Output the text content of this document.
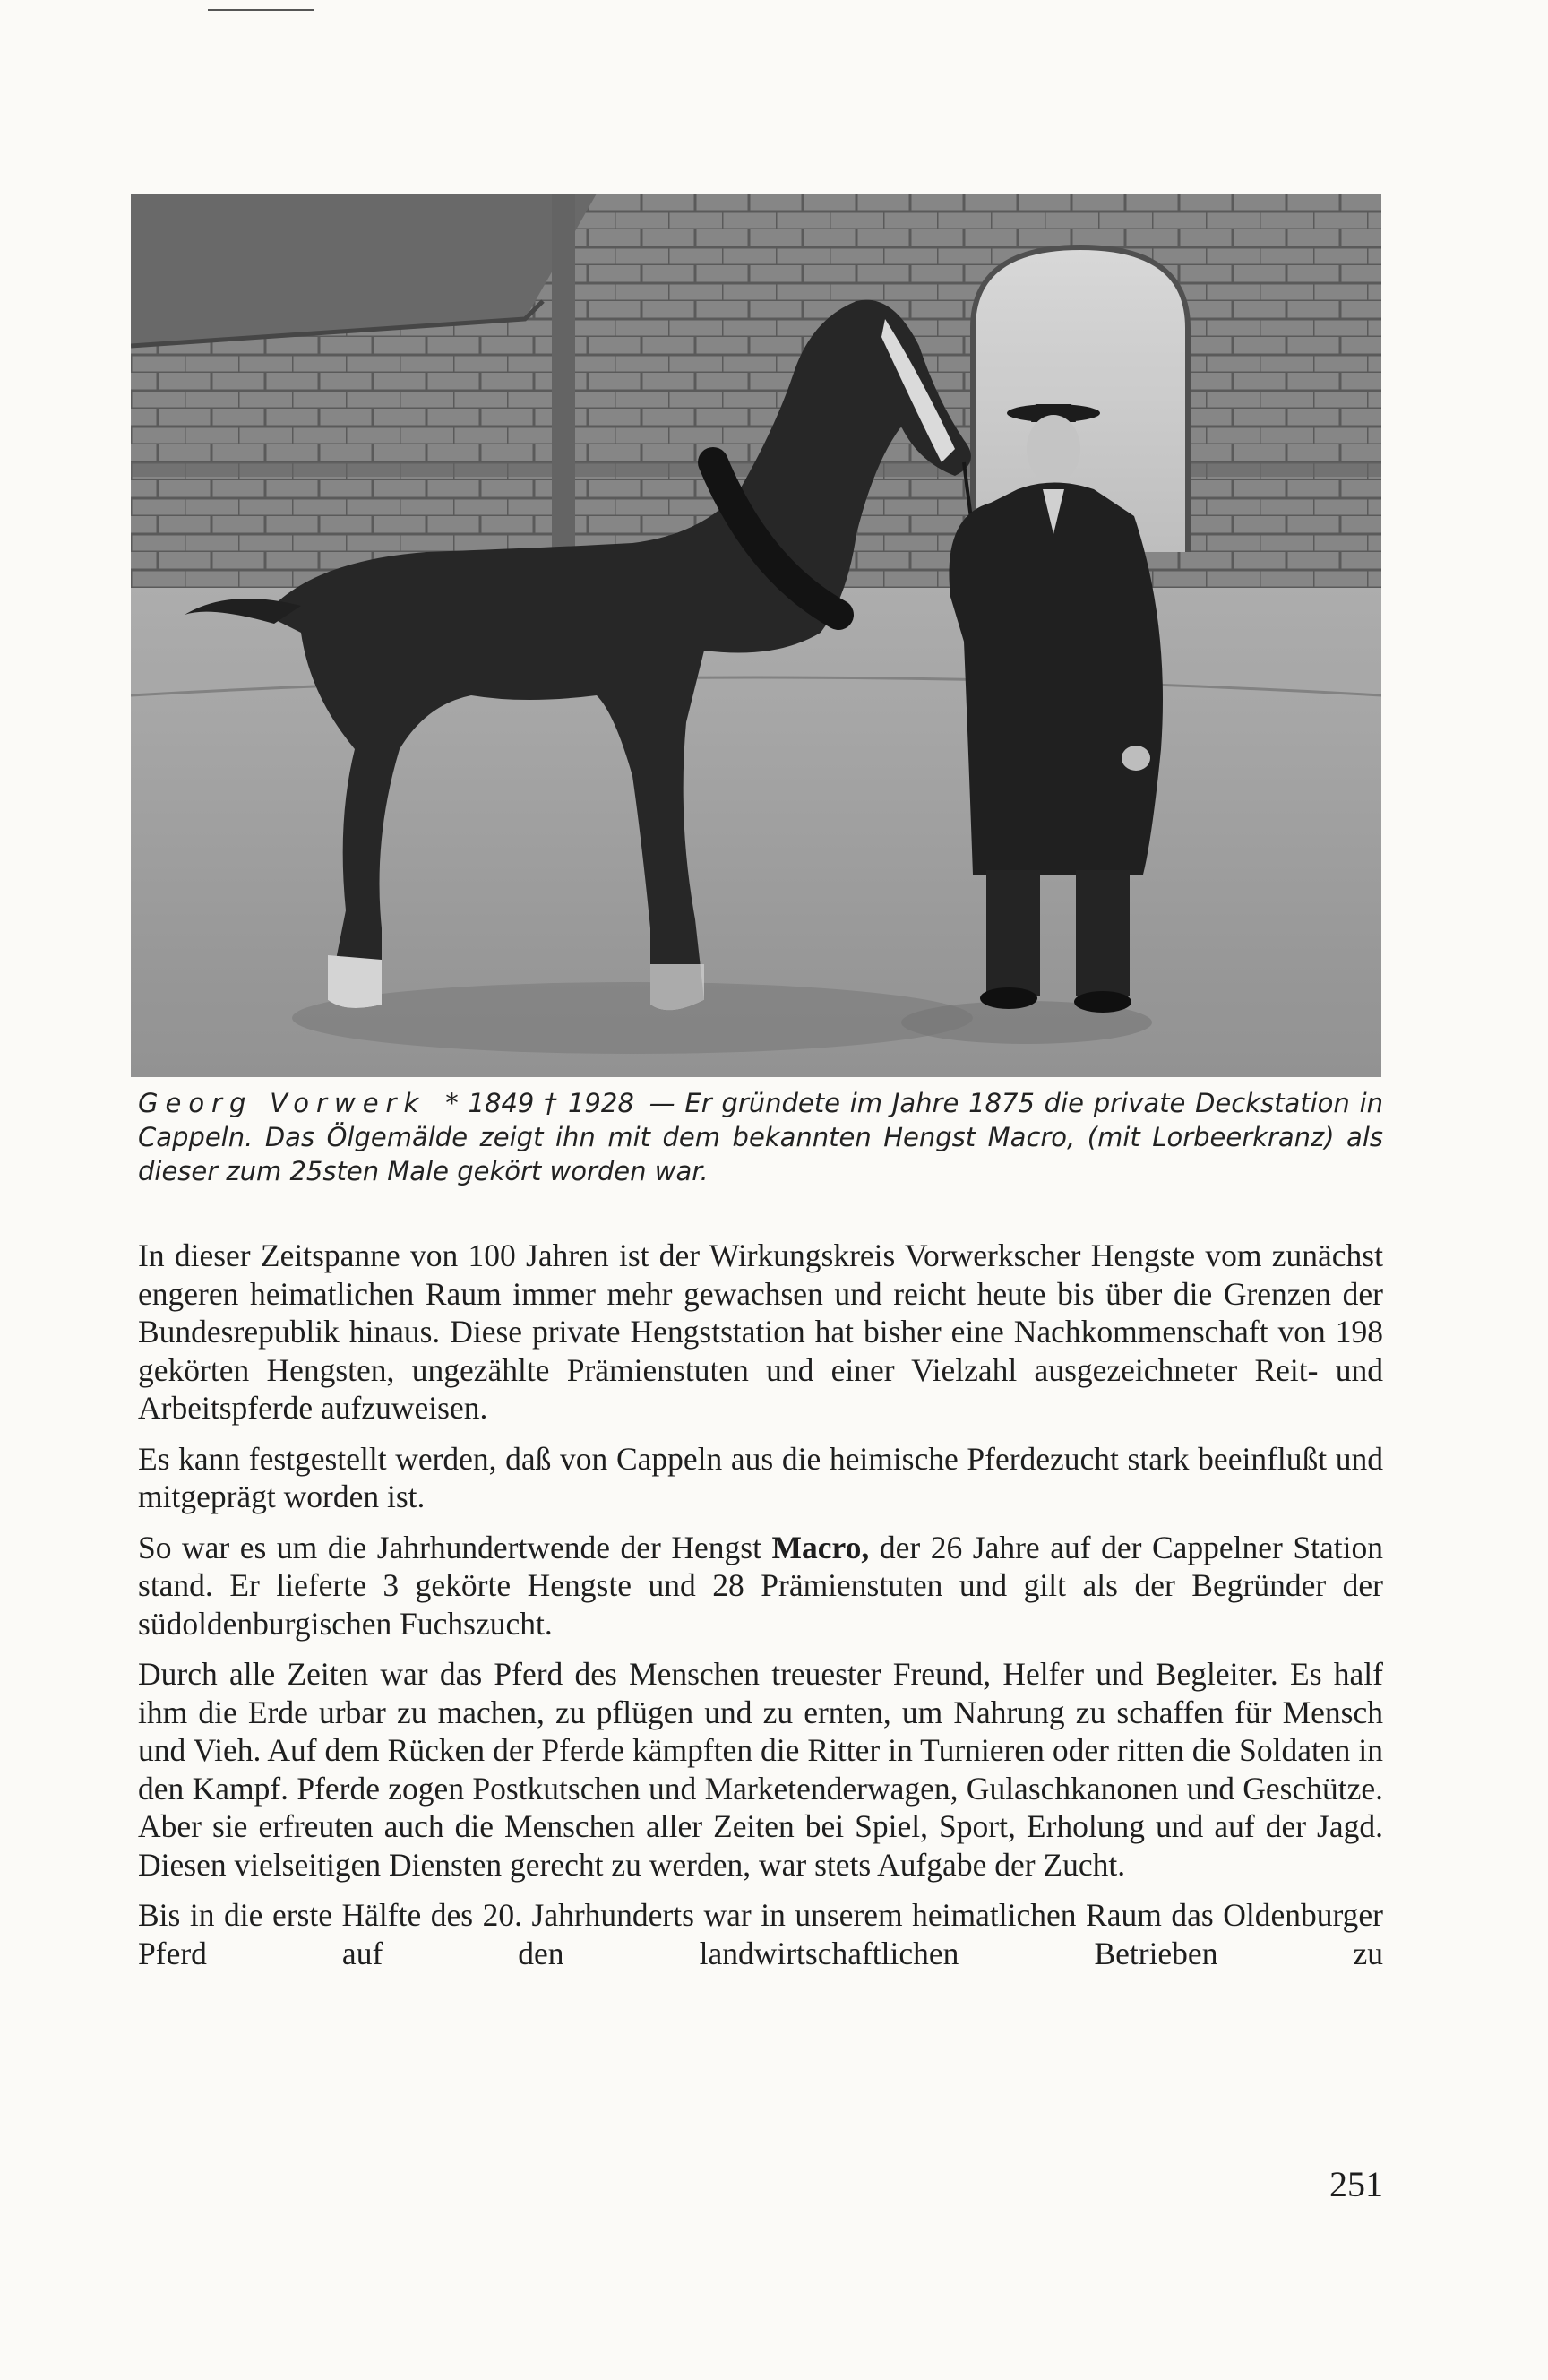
Georg Vorwerk * 1849 † 1928 — Er gründete im Jahre 1875 die private Deckstation in Cappeln. Das Ölgemälde zeigt ihn mit dem bekannten Hengst Macro, (mit Lorbeerkranz) als dieser zum 25sten Male gekört worden war.

In dieser Zeitspanne von 100 Jahren ist der Wirkungskreis Vorwerkscher Hengste vom zunächst engeren heimatlichen Raum immer mehr gewachsen und reicht heute bis über die Grenzen der Bundesrepublik hinaus. Diese private Hengststation hat bisher eine Nachkommenschaft von 198 gekörten Hengsten, ungezählte Prämienstuten und einer Vielzahl ausgezeichneter Reit- und Arbeitspferde aufzuweisen.

Es kann festgestellt werden, daß von Cappeln aus die heimische Pferdezucht stark beeinflußt und mitgeprägt worden ist.

So war es um die Jahrhundertwende der Hengst Macro, der 26 Jahre auf der Cappelner Station stand. Er lieferte 3 gekörte Hengste und 28 Prämienstuten und gilt als der Begründer der südoldenburgischen Fuchszucht.

Durch alle Zeiten war das Pferd des Menschen treuester Freund, Helfer und Begleiter. Es half ihm die Erde urbar zu machen, zu pflügen und zu ernten, um Nahrung zu schaffen für Mensch und Vieh. Auf dem Rücken der Pferde kämpften die Ritter in Turnieren oder ritten die Soldaten in den Kampf. Pferde zogen Postkutschen und Marketenderwagen, Gulaschkanonen und Geschütze. Aber sie erfreuten auch die Menschen aller Zeiten bei Spiel, Sport, Erholung und auf der Jagd. Diesen vielseitigen Diensten gerecht zu werden, war stets Aufgabe der Zucht.

Bis in die erste Hälfte des 20. Jahrhunderts war in unserem heimatlichen Raum das Oldenburger Pferd auf den landwirtschaftlichen Betrieben zu

251
